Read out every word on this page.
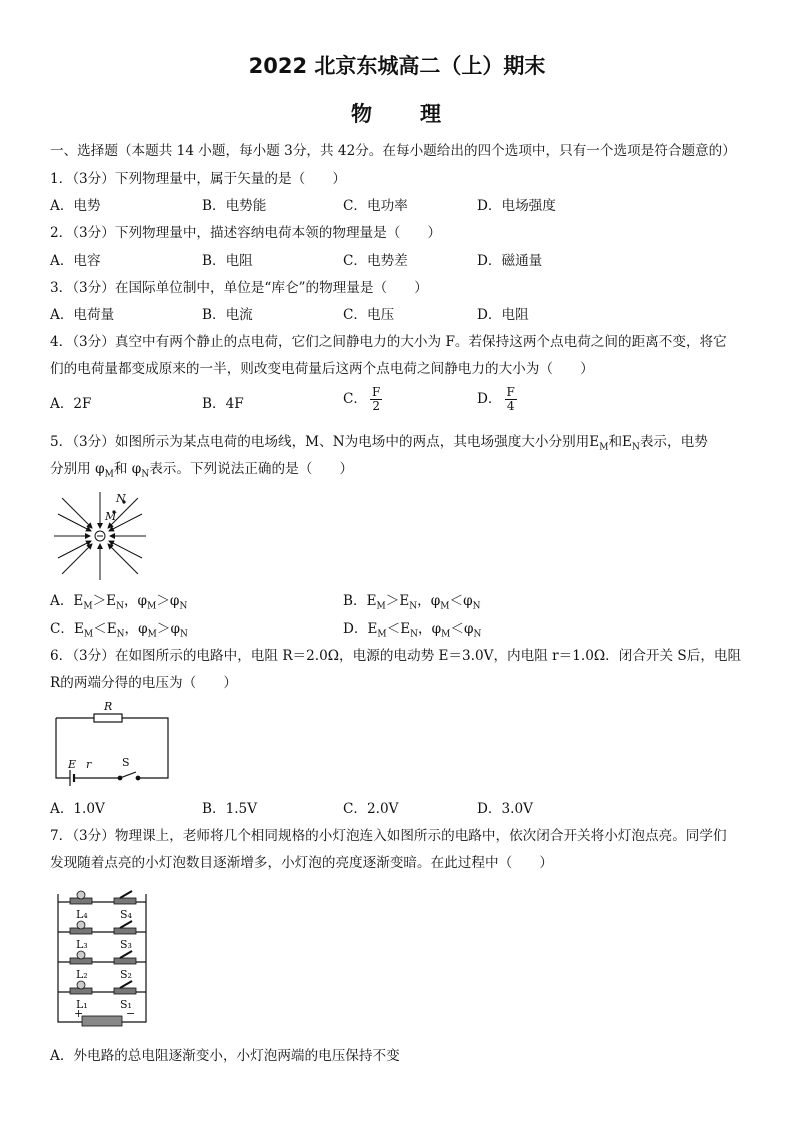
2022 北京东城高二（上）期末
物　　理
一、选择题（本题共 14 小题，每小题 3分，共 42分。在每小题给出的四个选项中，只有一个选项是符合题意的）
1．（3分）下列物理量中，属于矢量的是（　　）
A．电势	B．电势能	C．电功率	D．电场强度
2．（3分）下列物理量中，描述容纳电荷本领的物理量是（　　）
A．电容	B．电阻	C．电势差	D．磁通量
3．（3分）在国际单位制中，单位是“库仑”的物理量是（　　）
A．电荷量	B．电流	C．电压	D．电阻
4．（3分）真空中有两个静止的点电荷，它们之间静电力的大小为 F。若保持这两个点电荷之间的距离不变，将它
们的电荷量都变成原来的一半，则改变电荷量后这两个点电荷之间静电力的大小为（　　）
A．2F	B．4F	C． $\frac{F}{2}$	D． $\frac{F}{4}$
5．（3分）如图所示为某点电荷的电场线，M、N为电场中的两点，其电场强度大小分别用$E_M$和$E_N$表示，电势
分别用 $\varphi_M$和 $\varphi_N$表示。下列说法正确的是（　　）
M
N
A．$E_M>E_N$，$\varphi_M>\varphi_N$	B．$E_M>E_N$，$\varphi_M<\varphi_N$
C．$E_M<E_N$，$\varphi_M>\varphi_N$	D．$E_M<E_N$，$\varphi_M<\varphi_N$
6．（3分）在如图所示的电路中，电阻 R＝2.0Ω，电源的电动势 E＝3.0V，内电阻 r＝1.0Ω．闭合开关 S后，电阻
R的两端分得的电压为（　　）
R
E r	S
A．1.0V	B．1.5V	C．2.0V	D．3.0V
7．（3分）物理课上，老师将几个相同规格的小灯泡连入如图所示的电路中，依次闭合开关将小灯泡点亮。同学们
发现随着点亮的小灯泡数目逐渐增多，小灯泡的亮度逐渐变暗。在此过程中（　　）
L₄
L₃
L₂
L₁
S₄
S₃
S₂
S₁
+	−
A．外电路的总电阻逐渐变小，小灯泡两端的电压保持不变
